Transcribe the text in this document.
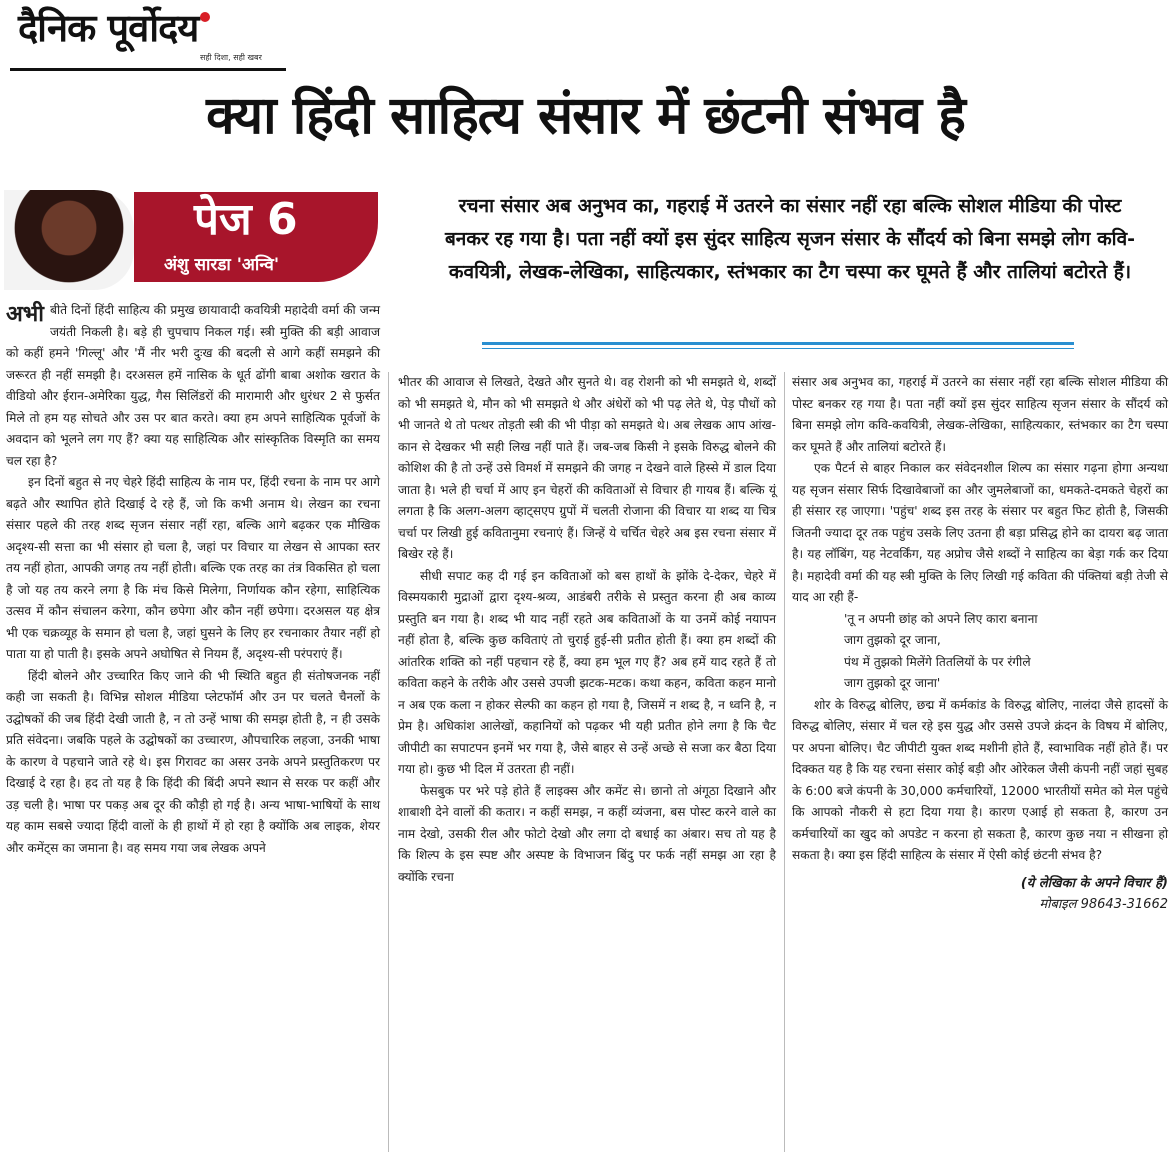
दैनिक पूर्वोदय
सही दिशा, सही खबर
क्या हिंदी साहित्य संसार में छंटनी संभव है
पेज 6
अंशु सारडा 'अन्वि'
रचना संसार अब अनुभव का, गहराई में उतरने का संसार नहीं रहा बल्कि सोशल मीडिया की पोस्ट बनकर रह गया है। पता नहीं क्यों इस सुंदर साहित्य सृजन संसार के सौंदर्य को बिना समझे लोग कवि-कवयित्री, लेखक-लेखिका, साहित्यकार, स्तंभकार का टैग चस्पा कर घूमते हैं और तालियां बटोरते हैं।

अभी बीते दिनों हिंदी साहित्य की प्रमुख छायावादी कवयित्री महादेवी वर्मा की जन्म जयंती निकली है। बड़े ही चुपचाप निकल गई। स्त्री मुक्ति की बड़ी आवाज को कहीं हमने 'गिल्लू' और 'मैं नीर भरी दुःख की बदली से आगे कहीं समझने की जरूरत ही नहीं समझी है। दरअसल हमें नासिक के धूर्त ढोंगी बाबा अशोक खरात के वीडियो और ईरान-अमेरिका युद्ध, गैस सिलिंडरों की मारामारी और धुरंधर 2 से फुर्सत मिले तो हम यह सोचते और उस पर बात करते। क्या हम अपने साहित्यिक पूर्वजों के अवदान को भूलने लग गए हैं? क्या यह साहित्यिक और सांस्कृतिक विस्मृति का समय चल रहा है?

इन दिनों बहुत से नए चेहरे हिंदी साहित्य के नाम पर, हिंदी रचना के नाम पर आगे बढ़ते और स्थापित होते दिखाई दे रहे हैं, जो कि कभी अनाम थे। लेखन का रचना संसार पहले की तरह शब्द सृजन संसार नहीं रहा, बल्कि आगे बढ़कर एक मौखिक अदृश्य-सी सत्ता का भी संसार हो चला है, जहां पर विचार या लेखन से आपका स्तर तय नहीं होता, आपकी जगह तय नहीं होती। बल्कि एक तरह का तंत्र विकसित हो चला है जो यह तय करने लगा है कि मंच किसे मिलेगा, निर्णायक कौन रहेगा, साहित्यिक उत्सव में कौन संचालन करेगा, कौन छपेगा और कौन नहीं छपेगा। दरअसल यह क्षेत्र भी एक चक्रव्यूह के समान हो चला है, जहां घुसने के लिए हर रचनाकार तैयार नहीं हो पाता या हो पाती है। इसके अपने अघोषित से नियम हैं, अदृश्य-सी परंपराएं हैं।

हिंदी बोलने और उच्चारित किए जाने की भी स्थिति बहुत ही संतोषजनक नहीं कही जा सकती है। विभिन्न सोशल मीडिया प्लेटफॉर्म और उन पर चलते चैनलों के उद्घोषकों की जब हिंदी देखी जाती है, न तो उन्हें भाषा की समझ होती है, न ही उसके प्रति संवेदना। जबकि पहले के उद्घोषकों का उच्चारण, औपचारिक लहजा, उनकी भाषा के कारण वे पहचाने जाते रहे थे। इस गिरावट का असर उनके अपने प्रस्तुतिकरण पर दिखाई दे रहा है। हद तो यह है कि हिंदी की बिंदी अपने स्थान से सरक पर कहीं और उड़ चली है। भाषा पर पकड़ अब दूर की कौड़ी हो गई है। अन्य भाषा-भाषियों के साथ यह काम सबसे ज्यादा हिंदी वालों के ही हाथों में हो रहा है क्योंकि अब लाइक, शेयर और कमेंट्स का जमाना है। वह समय गया जब लेखक अपने

भीतर की आवाज से लिखते, देखते और सुनते थे। वह रोशनी को भी समझते थे, शब्दों को भी समझते थे, मौन को भी समझते थे और अंधेरों को भी पढ़ लेते थे, पेड़ पौधों को भी जानते थे तो पत्थर तोड़ती स्त्री की भी पीड़ा को समझते थे। अब लेखक आप आंख-कान से देखकर भी सही लिख नहीं पाते हैं। जब-जब किसी ने इसके विरुद्ध बोलने की कोशिश की है तो उन्हें उसे विमर्श में समझने की जगह न देखने वाले हिस्से में डाल दिया जाता है। भले ही चर्चा में आए इन चेहरों की कविताओं से विचार ही गायब हैं। बल्कि यूं लगता है कि अलग-अलग व्हाट्सएप ग्रुपों में चलती रोजाना की विचार या शब्द या चित्र चर्चा पर लिखी हुई कवितानुमा रचनाएं हैं। जिन्हें ये चर्चित चेहरे अब इस रचना संसार में बिखेर रहे हैं।

सीधी सपाट कह दी गई इन कविताओं को बस हाथों के झोंके दे-देकर, चेहरे में विस्मयकारी मुद्राओं द्वारा दृश्य-श्रव्य, आडंबरी तरीके से प्रस्तुत करना ही अब काव्य प्रस्तुति बन गया है। शब्द भी याद नहीं रहते अब कविताओं के या उनमें कोई नयापन नहीं होता है, बल्कि कुछ कविताएं तो चुराई हुई-सी प्रतीत होती हैं। क्या हम शब्दों की आंतरिक शक्ति को नहीं पहचान रहे हैं, क्या हम भूल गए हैं? अब हमें याद रहते हैं तो कविता कहने के तरीके और उससे उपजी झटक-मटक। कथा कहन, कविता कहन मानो न अब एक कला न होकर सेल्फी का कहन हो गया है, जिसमें न शब्द है, न ध्वनि है, न प्रेम है। अधिकांश आलेखों, कहानियों को पढ़कर भी यही प्रतीत होने लगा है कि चैट जीपीटी का सपाटपन इनमें भर गया है, जैसे बाहर से उन्हें अच्छे से सजा कर बैठा दिया गया हो। कुछ भी दिल में उतरता ही नहीं।

फेसबुक पर भरे पड़े होते हैं लाइक्स और कमेंट से। छानो तो अंगूठा दिखाने और शाबाशी देने वालों की कतार। न कहीं समझ, न कहीं व्यंजना, बस पोस्ट करने वाले का नाम देखो, उसकी रील और फोटो देखो और लगा दो बधाई का अंबार। सच तो यह है कि शिल्प के इस स्पष्ट और अस्पष्ट के विभाजन बिंदु पर फर्क नहीं समझ आ रहा है क्योंकि रचना

संसार अब अनुभव का, गहराई में उतरने का संसार नहीं रहा बल्कि सोशल मीडिया की पोस्ट बनकर रह गया है। पता नहीं क्यों इस सुंदर साहित्य सृजन संसार के सौंदर्य को बिना समझे लोग कवि-कवयित्री, लेखक-लेखिका, साहित्यकार, स्तंभकार का टैग चस्पा कर घूमते हैं और तालियां बटोरते हैं।

एक पैटर्न से बाहर निकाल कर संवेदनशील शिल्प का संसार गढ़ना होगा अन्यथा यह सृजन संसार सिर्फ दिखावेबाजों का और जुमलेबाजों का, धमकते-दमकते चेहरों का ही संसार रह जाएगा। 'पहुंच' शब्द इस तरह के संसार पर बहुत फिट होती है, जिसकी जितनी ज्यादा दूर तक पहुंच उसके लिए उतना ही बड़ा प्रसिद्ध होने का दायरा बढ़ जाता है। यह लॉबिंग, यह नेटवर्किंग, यह अप्रोच जैसे शब्दों ने साहित्य का बेड़ा गर्क कर दिया है। महादेवी वर्मा की यह स्त्री मुक्ति के लिए लिखी गई कविता की पंक्तियां बड़ी तेजी से याद आ रही हैं-

'तू न अपनी छांह को अपने लिए कारा बनाना

जाग तुझको दूर जाना,

पंथ में तुझको मिलेंगे तितलियों के पर रंगीले

जाग तुझको दूर जाना'

शोर के विरुद्ध बोलिए, छद्म में कर्मकांड के विरुद्ध बोलिए, नालंदा जैसे हादसों के विरुद्ध बोलिए, संसार में चल रहे इस युद्ध और उससे उपजे क्रंदन के विषय में बोलिए, पर अपना बोलिए। चैट जीपीटी युक्त शब्द मशीनी होते हैं, स्वाभाविक नहीं होते हैं। पर दिक्कत यह है कि यह रचना संसार कोई बड़ी और ओरेकल जैसी कंपनी नहीं जहां सुबह के 6:00 बजे कंपनी के 30,000 कर्मचारियों, 12000 भारतीयों समेत को मेल पहुंचे कि आपको नौकरी से हटा दिया गया है। कारण एआई हो सकता है, कारण उन कर्मचारियों का खुद को अपडेट न करना हो सकता है, कारण कुछ नया न सीखना हो सकता है। क्या इस हिंदी साहित्य के संसार में ऐसी कोई छंटनी संभव है?

(ये लेखिका के अपने विचार हैं)
मोबाइल 98643-31662
